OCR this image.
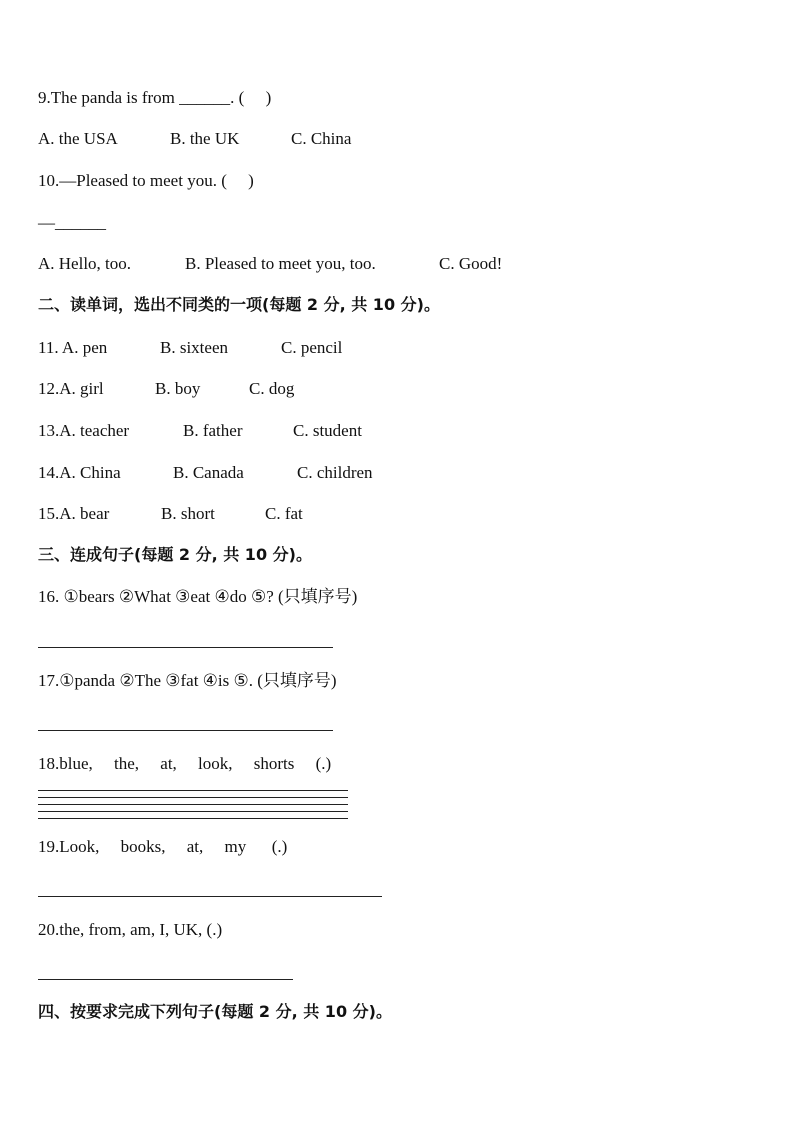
9.The panda is from ______. (     )
A. the USA	B. the UK	C. China
10.—Pleased to meet you. (     )
—______
A. Hello, too.	B. Pleased to meet you, too.	C. Good!
二、读单词，选出不同类的一项(每题 2 分, 共 10 分)。
11. A. pen	B. sixteen	C. pencil
12.A. girl	B. boy	C. dog
13.A. teacher	B. father	C. student
14.A. China	B. Canada	C. children
15.A. bear	B. short	C. fat
三、连成句子(每题 2 分, 共 10 分)。
16. ①bears ②What ③eat ④do ⑤? (只填序号)
17.①panda ②The ③fat ④is ⑤. (只填序号)
18.blue,     the,     at,     look,     shorts     (.)
19.Look,     books,     at,     my      (.)
20.the, from, am, I, UK, (.)
四、按要求完成下列句子(每题 2 分, 共 10 分)。
